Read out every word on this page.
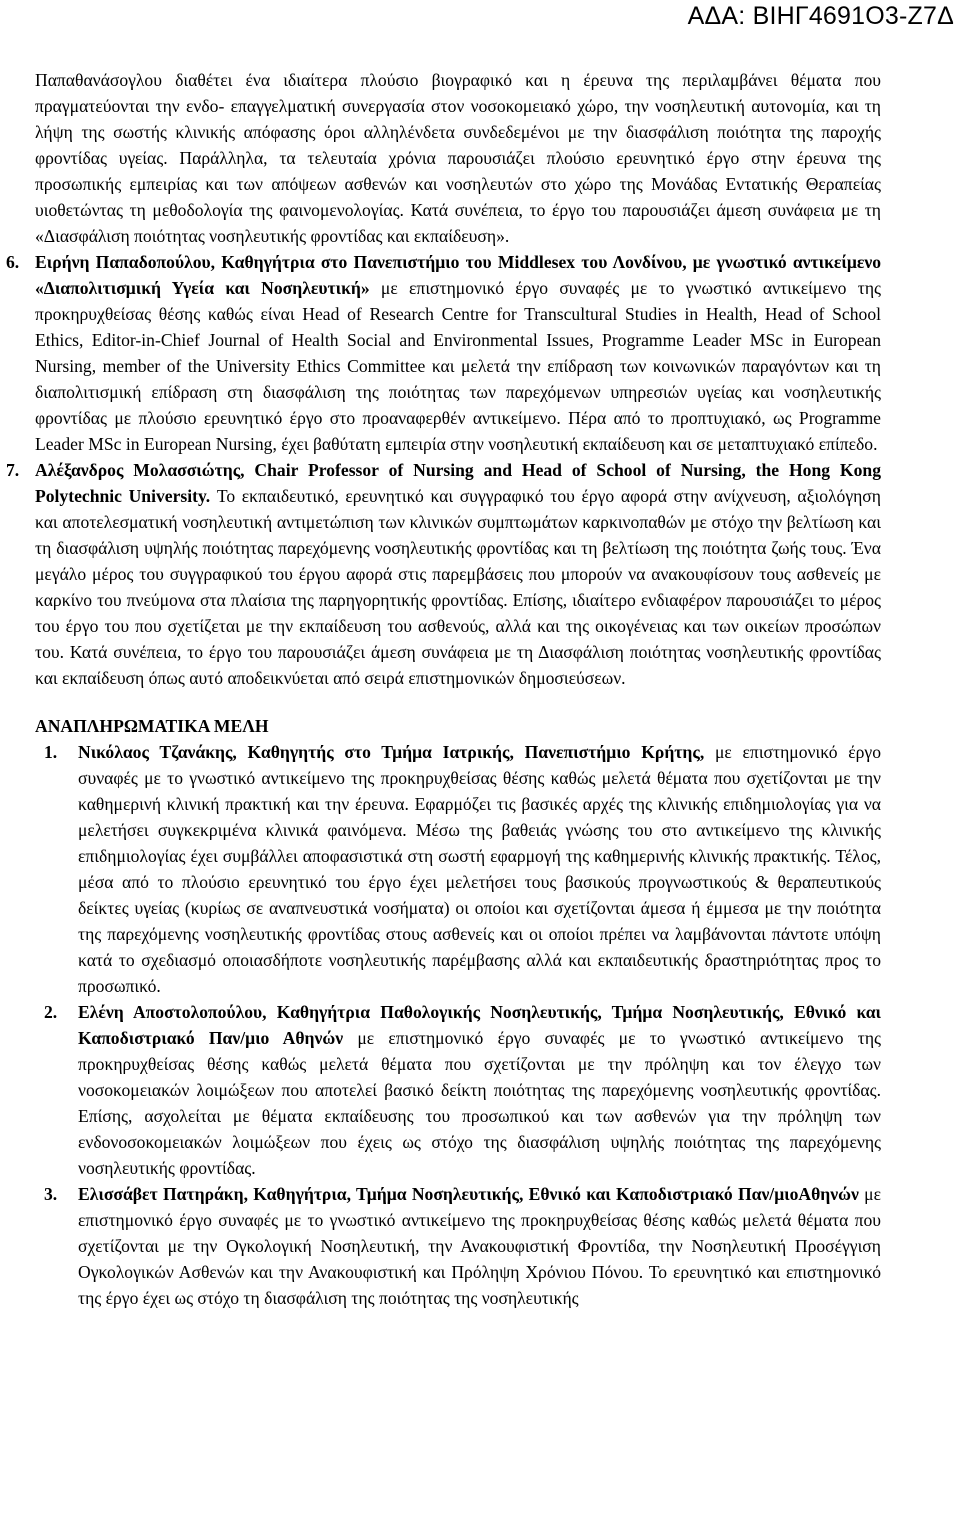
ΑΔΑ: ΒΙΗΓ4691Ο3-Ζ7Δ

Παπαθανάσογλου διαθέτει ένα ιδιαίτερα πλούσιο βιογραφικό και η έρευνα της περιλαμβάνει θέματα που πραγματεύονται την ενδο- επαγγελματική συνεργασία στον νοσοκομειακό χώρο, την νοσηλευτική αυτονομία, και τη λήψη της σωστής κλινικής απόφασης όροι αλληλένδετα συνδεδεμένοι με την διασφάλιση ποιότητα της παροχής φροντίδας υγείας. Παράλληλα, τα τελευταία χρόνια παρουσιάζει πλούσιο ερευνητικό έργο στην έρευνα της προσωπικής εμπειρίας και των απόψεων ασθενών και νοσηλευτών στο χώρο της Μονάδας Εντατικής Θεραπείας υιοθετώντας τη μεθοδολογία της φαινομενολογίας. Κατά συνέπεια, το έργο του παρουσιάζει άμεση συνάφεια με τη «Διασφάλιση ποιότητας νοσηλευτικής φροντίδας και εκπαίδευση».

6. Ειρήνη Παπαδοπούλου, Καθηγήτρια στο Πανεπιστήμιο του Middlesex του Λονδίνου, με γνωστικό αντικείμενο «Διαπολιτισμική Υγεία και Νοσηλευτική» με επιστημονικό έργο συναφές με το γνωστικό αντικείμενο της προκηρυχθείσας θέσης καθώς είναι Head of Research Centre for Transcultural Studies in Health, Head of School Ethics, Editor-in-Chief Journal of Health Social and Environmental Issues, Programme Leader MSc in European Nursing, member of the University Ethics Committee και μελετά την επίδραση των κοινωνικών παραγόντων και τη διαπολιτισμική επίδραση στη διασφάλιση της ποιότητας των παρεχόμενων υπηρεσιών υγείας και νοσηλευτικής φροντίδας με πλούσιο ερευνητικό έργο στο προαναφερθέν αντικείμενο. Πέρα από το προπτυχιακό, ως Programme Leader MSc in European Nursing, έχει βαθύτατη εμπειρία στην νοσηλευτική εκπαίδευση και σε μεταπτυχιακό επίπεδο.

7. Αλέξανδρος Μολασσιώτης, Chair Professor of Nursing and Head of School of Nursing, the Hong Kong Polytechnic University. Το εκπαιδευτικό, ερευνητικό και συγγραφικό του έργο αφορά στην ανίχνευση, αξιολόγηση και αποτελεσματική νοσηλευτική αντιμετώπιση των κλινικών συμπτωμάτων καρκινοπαθών με στόχο την βελτίωση και τη διασφάλιση υψηλής ποιότητας παρεχόμενης νοσηλευτικής φροντίδας και τη βελτίωση της ποιότητα ζωής τους. Ένα μεγάλο μέρος του συγγραφικού του έργου αφορά στις παρεμβάσεις που μπορούν να ανακουφίσουν τους ασθενείς με καρκίνο του πνεύμονα στα πλαίσια της παρηγορητικής φροντίδας. Επίσης, ιδιαίτερο ενδιαφέρον παρουσιάζει το μέρος του έργο του που σχετίζεται με την εκπαίδευση του ασθενούς, αλλά και της οικογένειας και των οικείων προσώπων του. Κατά συνέπεια, το έργο του παρουσιάζει άμεση συνάφεια με τη Διασφάλιση ποιότητας νοσηλευτικής φροντίδας και εκπαίδευση όπως αυτό αποδεικνύεται από σειρά επιστημονικών δημοσιεύσεων.

ΑΝΑΠΛΗΡΩΜΑΤΙΚΑ ΜΕΛΗ

1. Νικόλαος Τζανάκης, Καθηγητής στο Τμήμα Ιατρικής, Πανεπιστήμιο Κρήτης, με επιστημονικό έργο συναφές με το γνωστικό αντικείμενο της προκηρυχθείσας θέσης καθώς μελετά θέματα που σχετίζονται με την καθημερινή κλινική πρακτική και την έρευνα. Εφαρμόζει τις βασικές αρχές της κλινικής επιδημιολογίας για να μελετήσει συγκεκριμένα κλινικά φαινόμενα. Μέσω της βαθειάς γνώσης του στο αντικείμενο της κλινικής επιδημιολογίας έχει συμβάλλει αποφασιστικά στη σωστή εφαρμογή της καθημερινής κλινικής πρακτικής. Τέλος, μέσα από το πλούσιο ερευνητικό του έργο έχει μελετήσει τους βασικούς προγνωστικούς & θεραπευτικούς δείκτες υγείας (κυρίως σε αναπνευστικά νοσήματα) οι οποίοι και σχετίζονται άμεσα ή έμμεσα με την ποιότητα της παρεχόμενης νοσηλευτικής φροντίδας στους ασθενείς και οι οποίοι πρέπει να λαμβάνονται πάντοτε υπόψη κατά το σχεδιασμό οποιασδήποτε νοσηλευτικής παρέμβασης αλλά και εκπαιδευτικής δραστηριότητας προς το προσωπικό.

2. Ελένη Αποστολοπούλου, Καθηγήτρια Παθολογικής Νοσηλευτικής, Τμήμα Νοσηλευτικής, Εθνικό και Καποδιστριακό Παν/μιο Αθηνών με επιστημονικό έργο συναφές με το γνωστικό αντικείμενο της προκηρυχθείσας θέσης καθώς μελετά θέματα που σχετίζονται με την πρόληψη και τον έλεγχο των νοσοκομειακών λοιμώξεων που αποτελεί βασικό δείκτη ποιότητας της παρεχόμενης νοσηλευτικής φροντίδας. Επίσης, ασχολείται με θέματα εκπαίδευσης του προσωπικού και των ασθενών για την πρόληψη των ενδονοσοκομειακών λοιμώξεων που έχεις ως στόχο της διασφάλιση υψηλής ποιότητας της παρεχόμενης νοσηλευτικής φροντίδας.

3. Ελισσάβετ Πατηράκη, Καθηγήτρια, Τμήμα Νοσηλευτικής, Εθνικό και Καποδιστριακό Παν/μιοΑθηνών με επιστημονικό έργο συναφές με το γνωστικό αντικείμενο της προκηρυχθείσας θέσης καθώς μελετά θέματα που σχετίζονται με την Ογκολογική Νοσηλευτική, την Ανακουφιστική Φροντίδα, την Νοσηλευτική Προσέγγιση Ογκολογικών Ασθενών και την Ανακουφιστική και Πρόληψη Χρόνιου Πόνου. Το ερευνητικό και επιστημονικό της έργο έχει ως στόχο τη διασφάλιση της ποιότητας της νοσηλευτικής
